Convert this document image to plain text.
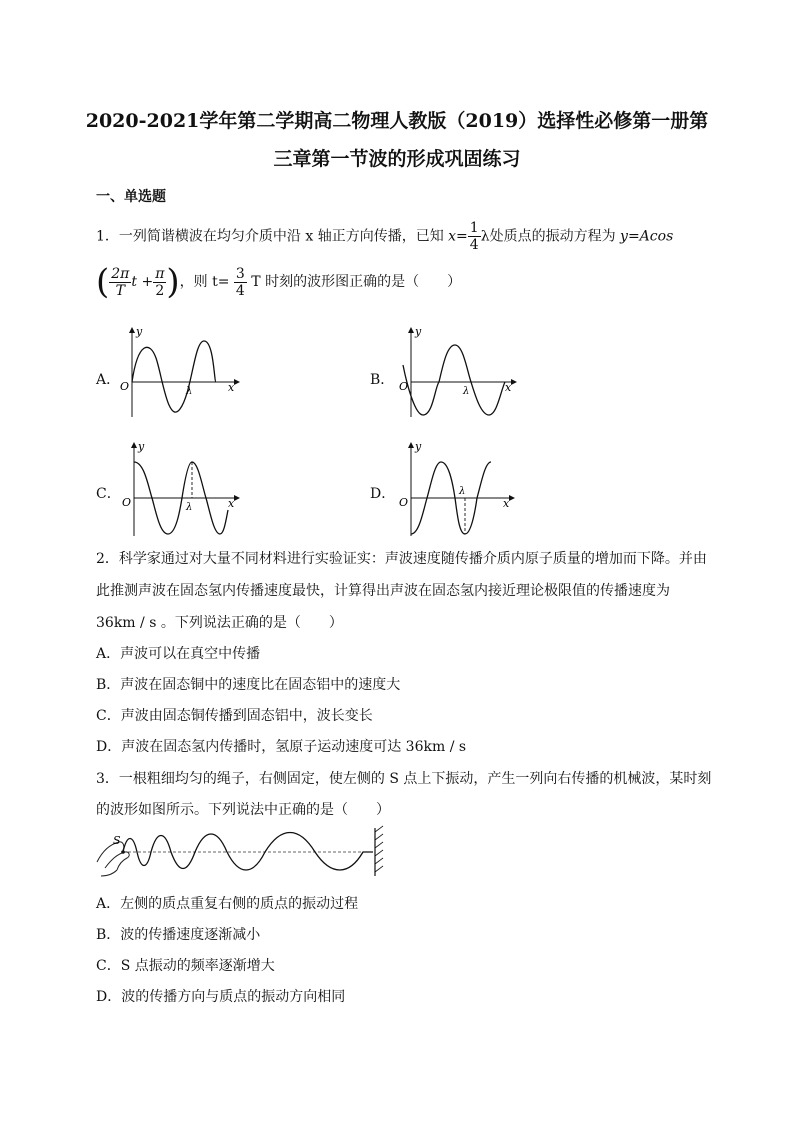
2020-2021学年第二学期高二物理人教版（2019）选择性必修第一册第
三章第一节波的形成巩固练习
一、单选题
1．一列简谐横波在均匀介质中沿 x 轴正方向传播，已知 $x= \frac{1}{4}$ λ处质点的振动方程为 y=Acos
( $\frac{2\pi}{T}$ $t + \frac{\pi}{2}$ )，则 $t= \frac{3}{4}$ T 时刻的波形图正确的是（　　）
A．	B．
C．	D．
y
x
O	λ
y
x
O	λ
y
x
O	λ
y
x
O
λ
2．科学家通过对大量不同材料进行实验证实：声波速度随传播介质内原子质量的增加而下降。并由
此推测声波在固态氢内传播速度最快，计算得出声波在固态氢内接近理论极限值的传播速度为
36km / s 。下列说法正确的是（　　）
A．声波可以在真空中传播
B．声波在固态铜中的速度比在固态铝中的速度大
C．声波由固态铜传播到固态铝中，波长变长
D．声波在固态氢内传播时，氢原子运动速度可达 36km / s
3．一根粗细均匀的绳子，右侧固定，使左侧的 S 点上下振动，产生一列向右传播的机械波，某时刻
的波形如图所示。下列说法中正确的是（　　）
S
A．左侧的质点重复右侧的质点的振动过程
B．波的传播速度逐渐减小
C．S 点振动的频率逐渐增大
D．波的传播方向与质点的振动方向相同
